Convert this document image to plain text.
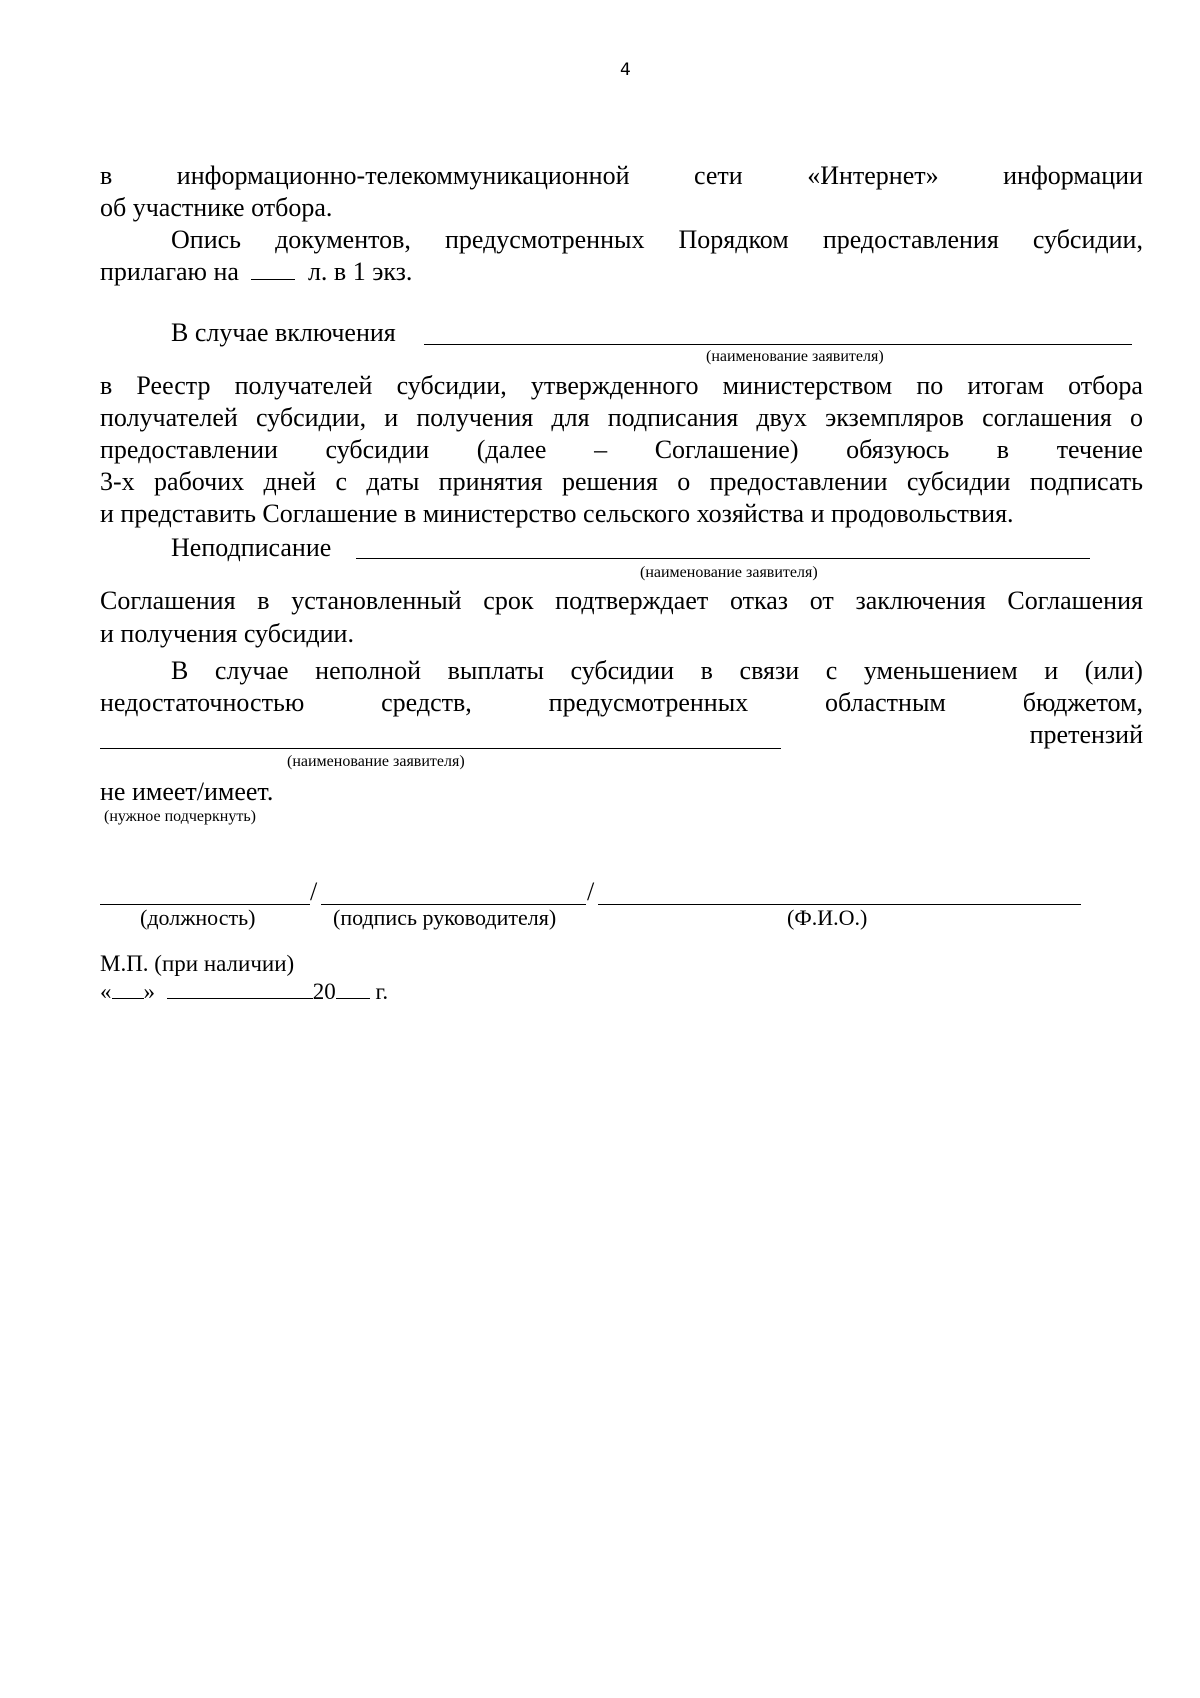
4
в информационно-телекоммуникационной сети «Интернет» информации
об участнике отбора.
Опись документов, предусмотренных Порядком предоставления субсидии,
прилагаю на	л. в 1 экз.
В случае включения
(наименование заявителя)
в Реестр получателей субсидии, утвержденного министерством по итогам отбора
получателей субсидии, и получения для подписания двух экземпляров соглашения о
предоставлении субсидии (далее – Соглашение) обязуюсь в течение
3-х рабочих дней с даты принятия решения о предоставлении субсидии подписать
и представить Соглашение в министерство сельского хозяйства и продовольствия.
Неподписание
(наименование заявителя)
Соглашения в установленный срок подтверждает отказ от заключения Соглашения
и получения субсидии.
В случае неполной выплаты субсидии в связи с уменьшением и (или)
недостаточностью	средств,	предусмотренных	областным	бюджетом,
претензий
(наименование заявителя)
не имеет/имеет.
(нужное подчеркнуть)
/	/
(должность)	(подпись руководителя)	(Ф.И.О.)
М.П. (при наличии)
« »	20 г.
